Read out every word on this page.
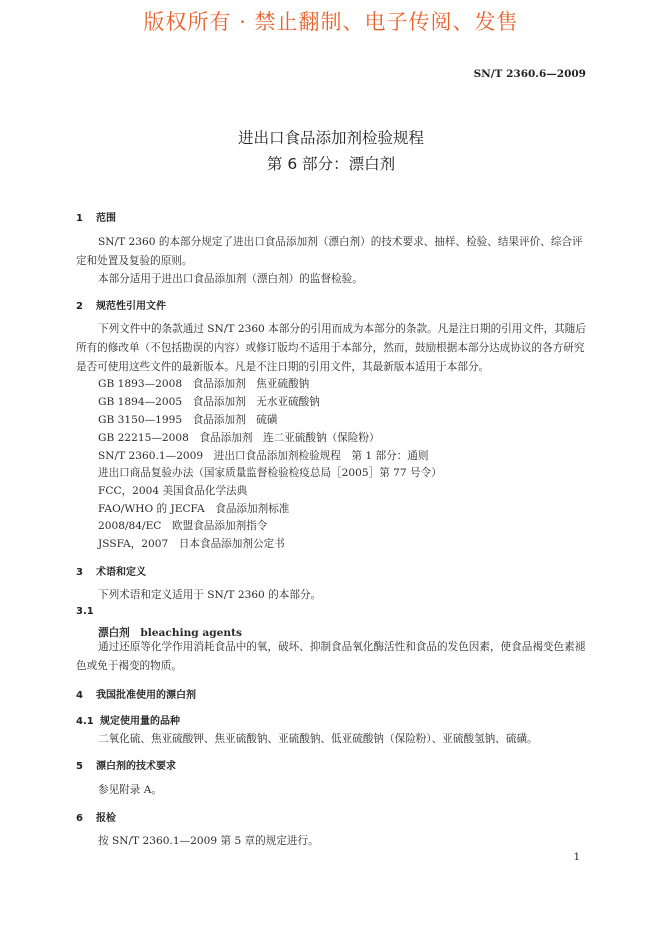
版权所有 · 禁止翻制、电子传阅、发售
SN/T 2360.6—2009
进出口食品添加剂检验规程
第 6 部分：漂白剂
1 范围
SN/T 2360 的本部分规定了进出口食品添加剂（漂白剂）的技术要求、抽样、检验、结果评价、综合评定和处置及复验的原则。
本部分适用于进出口食品添加剂（漂白剂）的监督检验。
2 规范性引用文件
下列文件中的条款通过 SN/T 2360 本部分的引用而成为本部分的条款。凡是注日期的引用文件，其随后所有的修改单（不包括勘误的内容）或修订版均不适用于本部分，然而，鼓励根据本部分达成协议的各方研究是否可使用这些文件的最新版本。凡是不注日期的引用文件，其最新版本适用于本部分。
GB 1893—2008　食品添加剂　焦亚硫酸钠
GB 1894—2005　食品添加剂　无水亚硫酸钠
GB 3150—1995　食品添加剂　硫磺
GB 22215—2008　食品添加剂　连二亚硫酸钠（保险粉）
SN/T 2360.1—2009　进出口食品添加剂检验规程　第 1 部分：通则
进出口商品复验办法（国家质量监督检验检疫总局［2005］第 77 号令）
FCC，2004 美国食品化学法典
FAO/WHO 的 JECFA　食品添加剂标准
2008/84/EC　欧盟食品添加剂指令
JSSFA，2007　日本食品添加剂公定书
3 术语和定义
下列术语和定义适用于 SN/T 2360 的本部分。
3.1
漂白剂　bleaching agents
通过还原等化学作用消耗食品中的氧，破坏、抑制食品氧化酶活性和食品的发色因素，使食品褐变色素褪色或免于褐变的物质。
4 我国批准使用的漂白剂
4.1 规定使用量的品种
二氧化硫、焦亚硫酸钾、焦亚硫酸钠、亚硫酸钠、低亚硫酸钠（保险粉）、亚硫酸氢钠、硫磺。
5 漂白剂的技术要求
参见附录 A。
6 报检
按 SN/T 2360.1—2009 第 5 章的规定进行。
1
